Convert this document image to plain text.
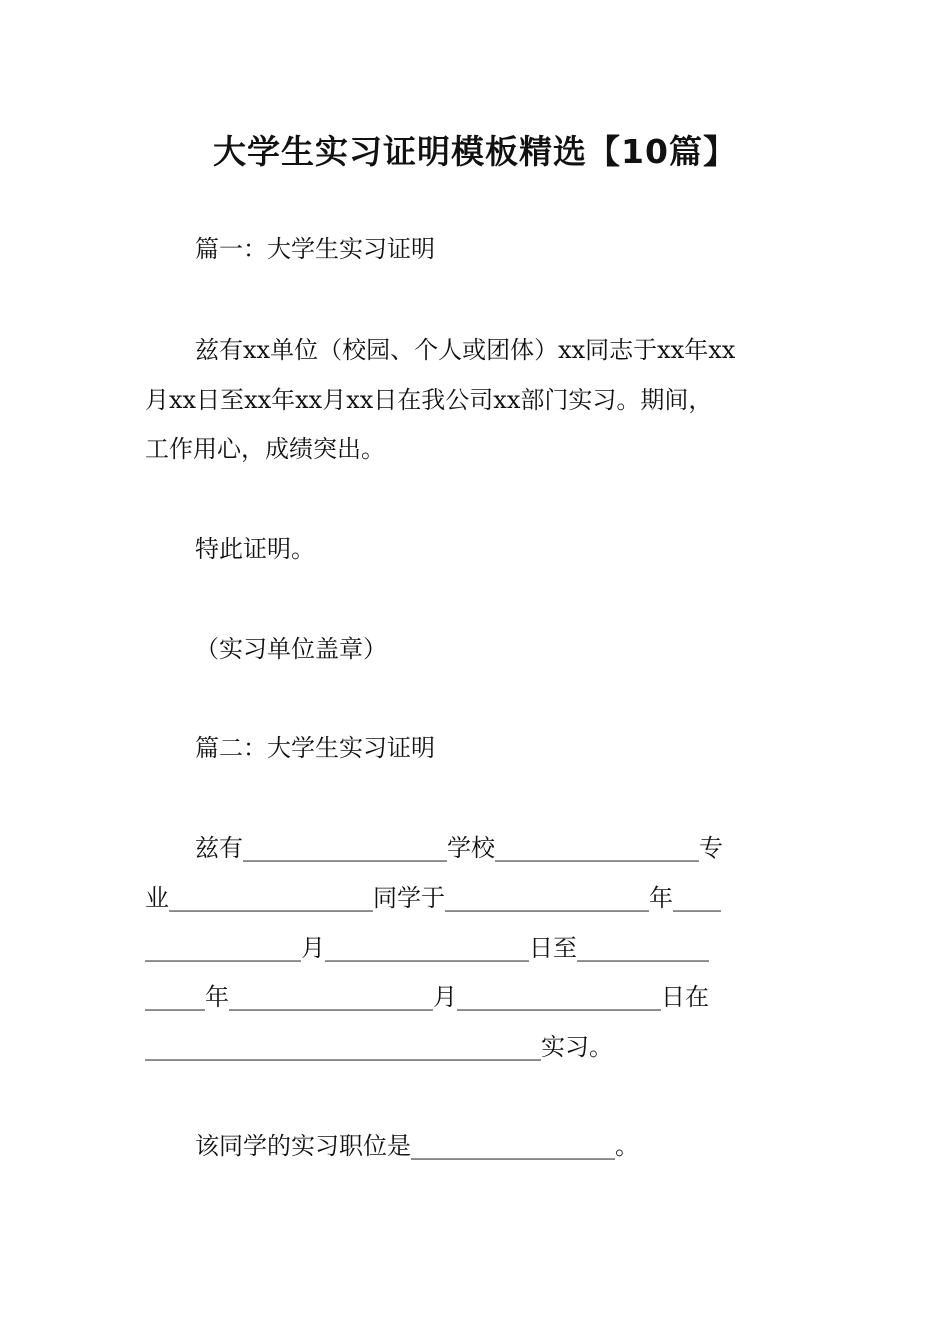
大学生实习证明模板精选【10篇】
篇一：大学生实习证明
兹有xx单位（校园、个人或团体）xx同志于xx年xx
月xx日至xx年xx月xx日在我公司xx部门实习。期间，
工作用心，成绩突出。
特此证明。
（实习单位盖章）
篇二：大学生实习证明
兹有_________________学校_________________专
业_________________同学于_________________年____
_____________月_________________日至___________
_____年_________________月_________________日在
_________________________________实习。
该同学的实习职位是_________________。
